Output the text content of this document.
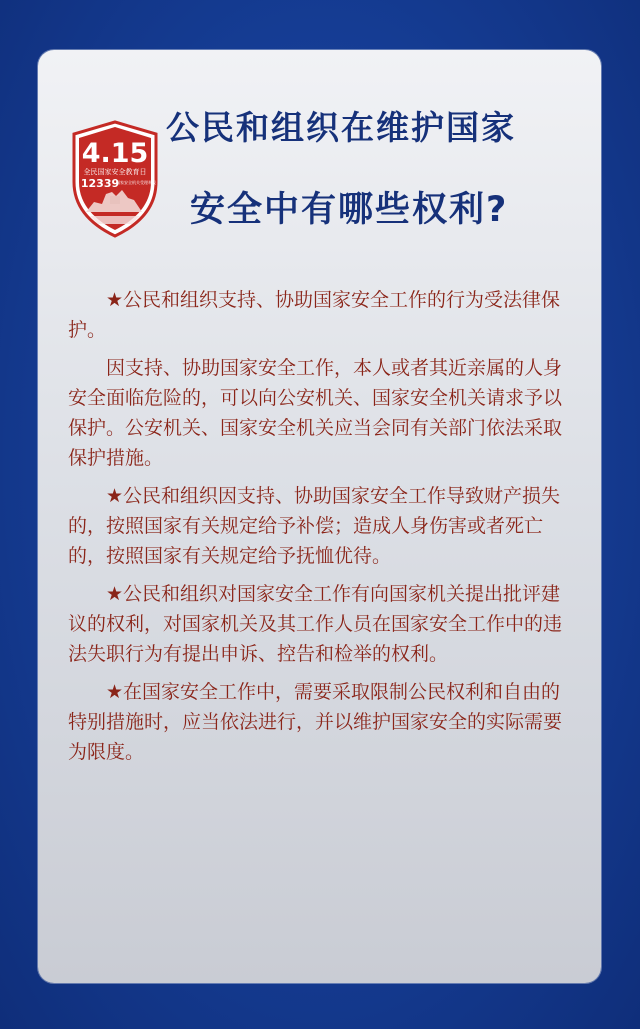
4.15
全民国家安全教育日
12339
国家安全机关受理举报
公民和组织在维护国家
安全中有哪些权利?

★公民和组织支持、协助国家安全工作的行为受法律保护。

因支持、协助国家安全工作，本人或者其近亲属的人身安全面临危险的，可以向公安机关、国家安全机关请求予以保护。公安机关、国家安全机关应当会同有关部门依法采取保护措施。

★公民和组织因支持、协助国家安全工作导致财产损失的，按照国家有关规定给予补偿；造成人身伤害或者死亡的，按照国家有关规定给予抚恤优待。

★公民和组织对国家安全工作有向国家机关提出批评建议的权利，对国家机关及其工作人员在国家安全工作中的违法失职行为有提出申诉、控告和检举的权利。

★在国家安全工作中，需要采取限制公民权利和自由的特别措施时，应当依法进行，并以维护国家安全的实际需要为限度。
